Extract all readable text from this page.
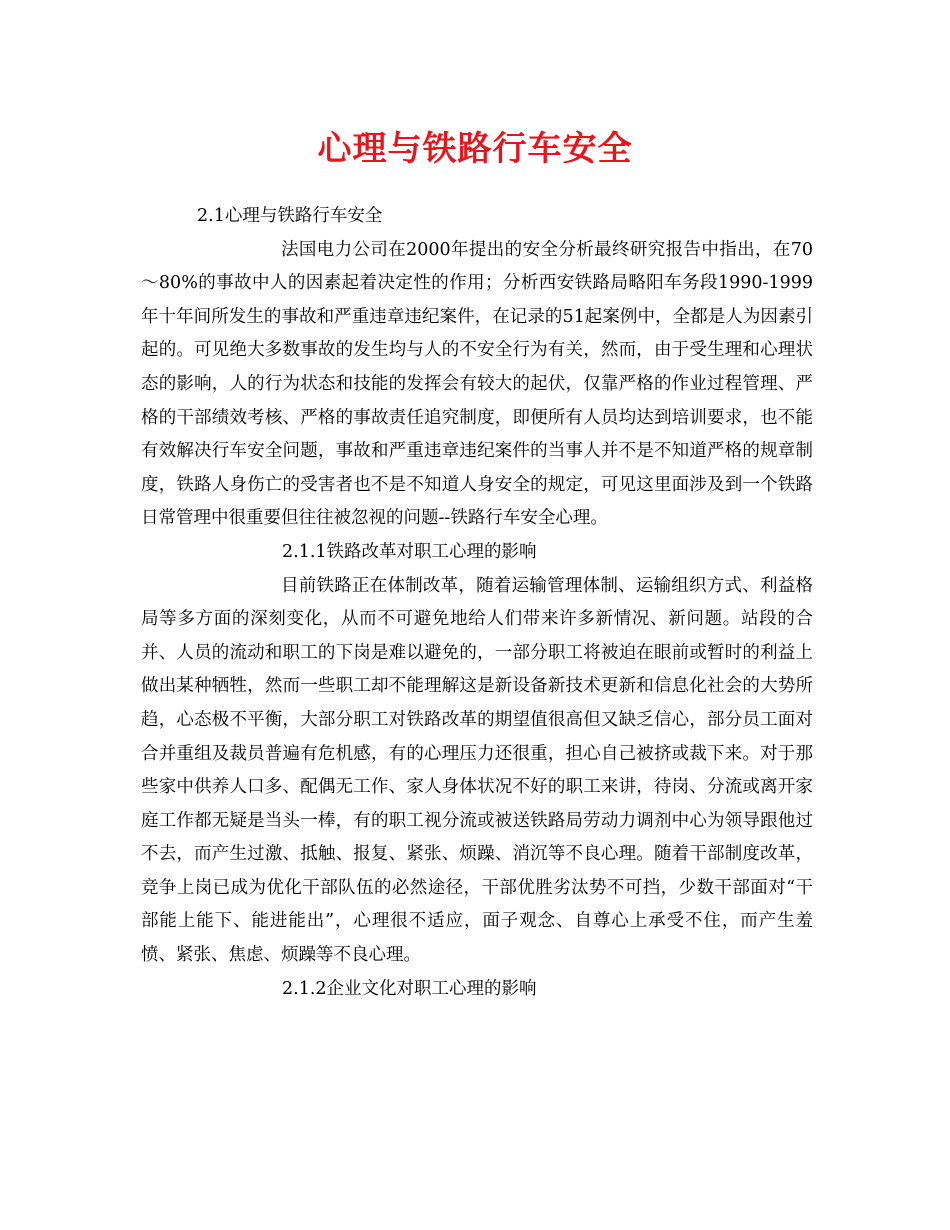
心理与铁路行车安全

2.1心理与铁路行车安全

法国电力公司在2000年提出的安全分析最终研究报告中指出，在70～80%的事故中人的因素起着决定性的作用；分析西安铁路局略阳车务段1990-1999年十年间所发生的事故和严重违章违纪案件，在记录的51起案例中，全都是人为因素引起的。可见绝大多数事故的发生均与人的不安全行为有关，然而，由于受生理和心理状态的影响，人的行为状态和技能的发挥会有较大的起伏，仅靠严格的作业过程管理、严格的干部绩效考核、严格的事故责任追究制度，即便所有人员均达到培训要求，也不能有效解决行车安全问题，事故和严重违章违纪案件的当事人并不是不知道严格的规章制度，铁路人身伤亡的受害者也不是不知道人身安全的规定，可见这里面涉及到一个铁路日常管理中很重要但往往被忽视的问题--铁路行车安全心理。

2.1.1铁路改革对职工心理的影响

目前铁路正在体制改革，随着运输管理体制、运输组织方式、利益格局等多方面的深刻变化，从而不可避免地给人们带来许多新情况、新问题。站段的合并、人员的流动和职工的下岗是难以避免的，一部分职工将被迫在眼前或暂时的利益上做出某种牺牲，然而一些职工却不能理解这是新设备新技术更新和信息化社会的大势所趋，心态极不平衡，大部分职工对铁路改革的期望值很高但又缺乏信心，部分员工面对合并重组及裁员普遍有危机感，有的心理压力还很重，担心自己被挤或裁下来。对于那些家中供养人口多、配偶无工作、家人身体状况不好的职工来讲，待岗、分流或离开家庭工作都无疑是当头一棒，有的职工视分流或被送铁路局劳动力调剂中心为领导跟他过不去，而产生过激、抵触、报复、紧张、烦躁、消沉等不良心理。随着干部制度改革，竞争上岗已成为优化干部队伍的必然途径，干部优胜劣汰势不可挡，少数干部面对“干部能上能下、能进能出”，心理很不适应，面子观念、自尊心上承受不住，而产生羞愤、紧张、焦虑、烦躁等不良心理。

2.1.2企业文化对职工心理的影响
